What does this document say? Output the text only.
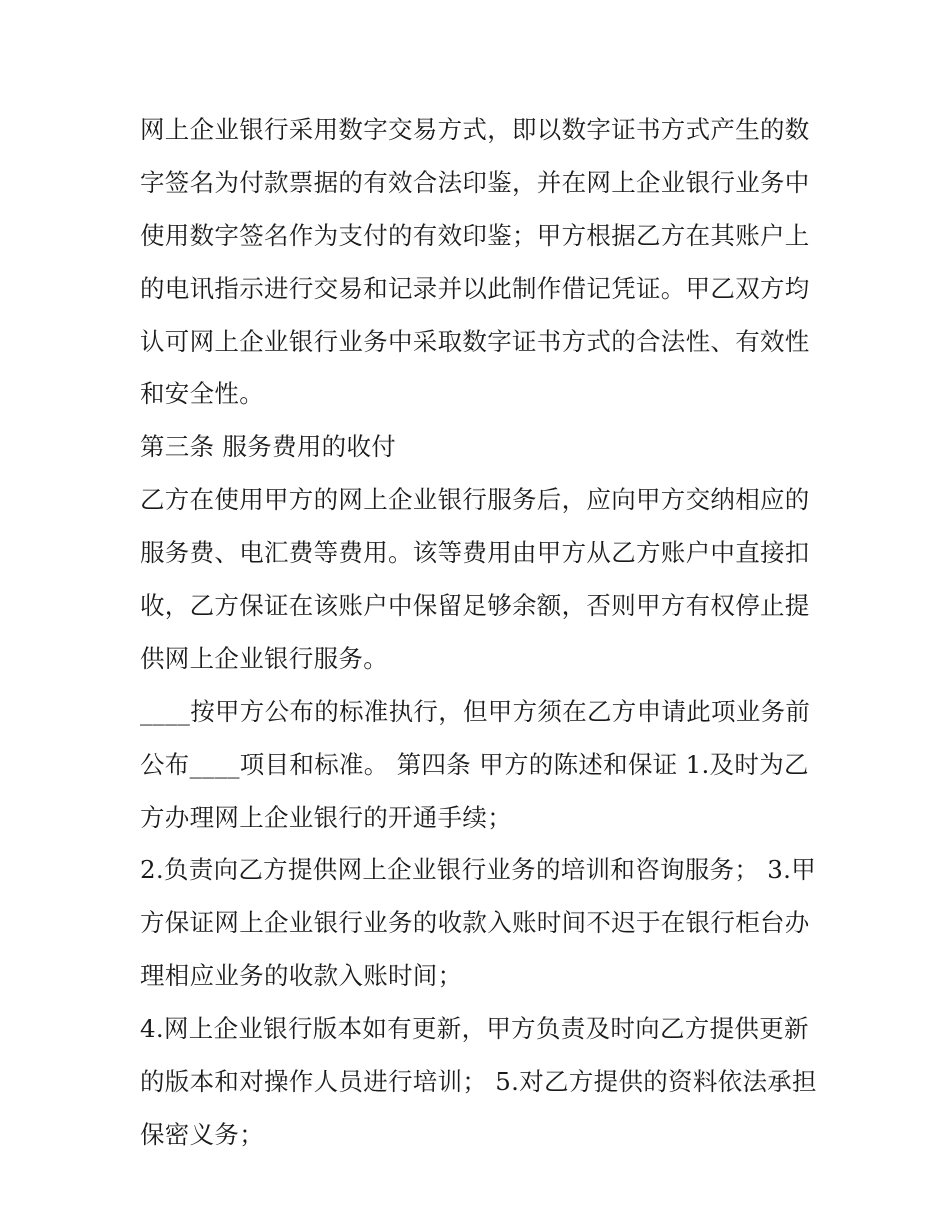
网上企业银行采用数字交易方式，即以数字证书方式产生的数
字签名为付款票据的有效合法印鉴，并在网上企业银行业务中
使用数字签名作为支付的有效印鉴；甲方根据乙方在其账户上
的电讯指示进行交易和记录并以此制作借记凭证。甲乙双方均
认可网上企业银行业务中采取数字证书方式的合法性、有效性
和安全性。
第三条 服务费用的收付
乙方在使用甲方的网上企业银行服务后，应向甲方交纳相应的
服务费、电汇费等费用。该等费用由甲方从乙方账户中直接扣
收，乙方保证在该账户中保留足够余额，否则甲方有权停止提
供网上企业银行服务。
____按甲方公布的标准执行，但甲方须在乙方申请此项业务前
公布____项目和标准。 第四条 甲方的陈述和保证 1.及时为乙
方办理网上企业银行的开通手续；
2.负责向乙方提供网上企业银行业务的培训和咨询服务； 3.甲
方保证网上企业银行业务的收款入账时间不迟于在银行柜台办
理相应业务的收款入账时间；
4.网上企业银行版本如有更新，甲方负责及时向乙方提供更新
的版本和对操作人员进行培训； 5.对乙方提供的资料依法承担
保密义务；
